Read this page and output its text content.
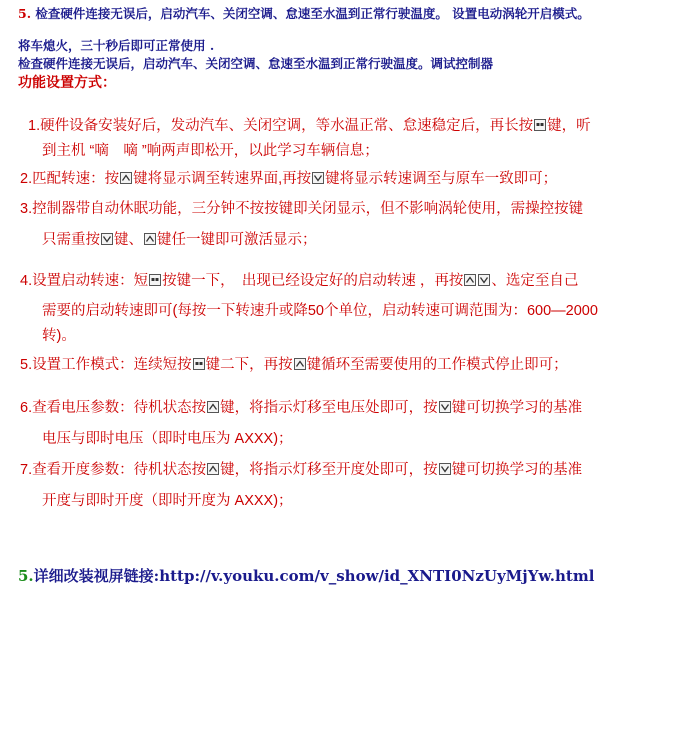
5. 检查硬件连接无误后，启动汽车、关闭空调、怠速至水温到正常行驶温度。 设置电动涡轮开启模式。
将车熄火，三十秒后即可正常使用 .
检查硬件连接无误后，启动汽车、关闭空调、怠速至水温到正常行驶温度。调试控制器
功能设置方式：
1.硬件设备安装好后，发动汽车、关闭空调，等水温正常、怠速稳定后，再长按 键，听
到主机 “嘀　嘀 ”响两声即松开，以此学习车辆信息；
2.匹配转速：按 键将显示调至转速界面,再按 键将显示转速调至与原车一致即可；
3.控制器带自动休眠功能，三分钟不按按键即关闭显示，但不影响涡轮使用，需操控按键
只需重按 键、 键任一键即可激活显示；
4.设置启动转速：短 按键一下，　出现已经设定好的启动转速 ，再按 、选定至自己
需要的启动转速即可(每按一下转速升或降50个单位，启动转速可调范围为：600—2000
转)。
5.设置工作模式：连续短按 键二下，再按 键循环至需要使用的工作模式停止即可；
6.查看电压参数：待机状态按 键，将指示灯移至电压处即可，按 键可切换学习的基准
电压与即时电压（即时电压为 AXXX)；
7.查看开度参数：待机状态按 键，将指示灯移至开度处即可，按 键可切换学习的基准
开度与即时开度（即时开度为 AXXX)；
5.详细改装视屏链接:http://v.youku.com/v_show/id_XNTI0NzUyMjYw.html
